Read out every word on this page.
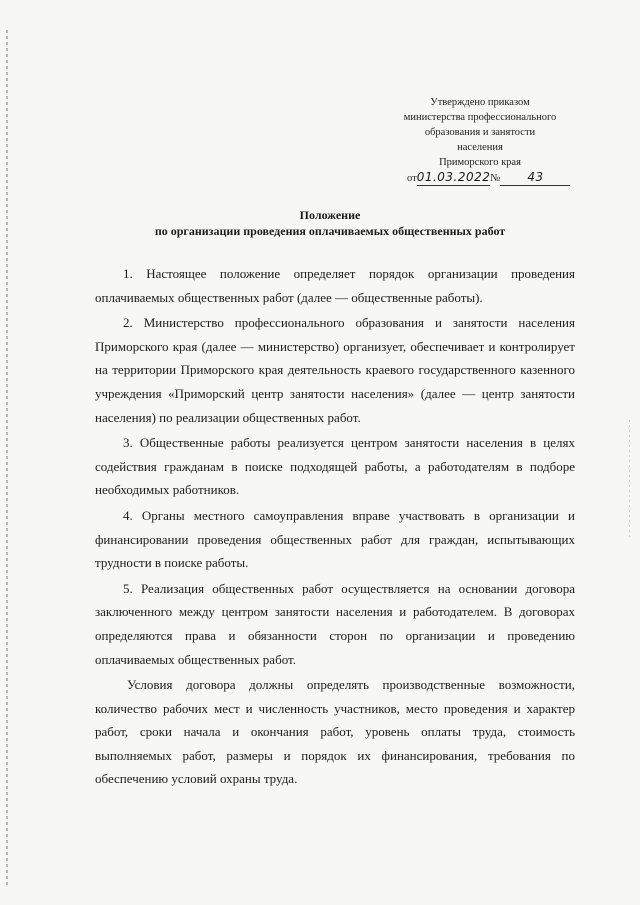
Утверждено приказом
министерства профессионального
образования и занятости
населения
Приморского края
от01.03.2022№ 43
Положение
по организации проведения оплачиваемых общественных работ

1. Настоящее положение определяет порядок организации проведения оплачиваемых общественных работ (далее — общественные работы).

2. Министерство профессионального образования и занятости населения Приморского края (далее — министерство) организует, обеспечивает и контролирует на территории Приморского края деятельность краевого государственного казенного учреждения «Приморский центр занятости населения» (далее — центр занятости населения) по реализации общественных работ.

3. Общественные работы реализуется центром занятости населения в целях содействия гражданам в поиске подходящей работы, а работодателям в подборе необходимых работников.

4. Органы местного самоуправления вправе участвовать в организации и финансировании проведения общественных работ для граждан, испытывающих трудности в поиске работы.

5. Реализация общественных работ осуществляется на основании договора заключенного между центром занятости населения и работодателем. В договорах определяются права и обязанности сторон по организации и проведению оплачиваемых общественных работ.

Условия договора должны определять производственные возможности, количество рабочих мест и численность участников, место проведения и характер работ, сроки начала и окончания работ, уровень оплаты труда, стоимость выполняемых работ, размеры и порядок их финансирования, требования по обеспечению условий охраны труда.
